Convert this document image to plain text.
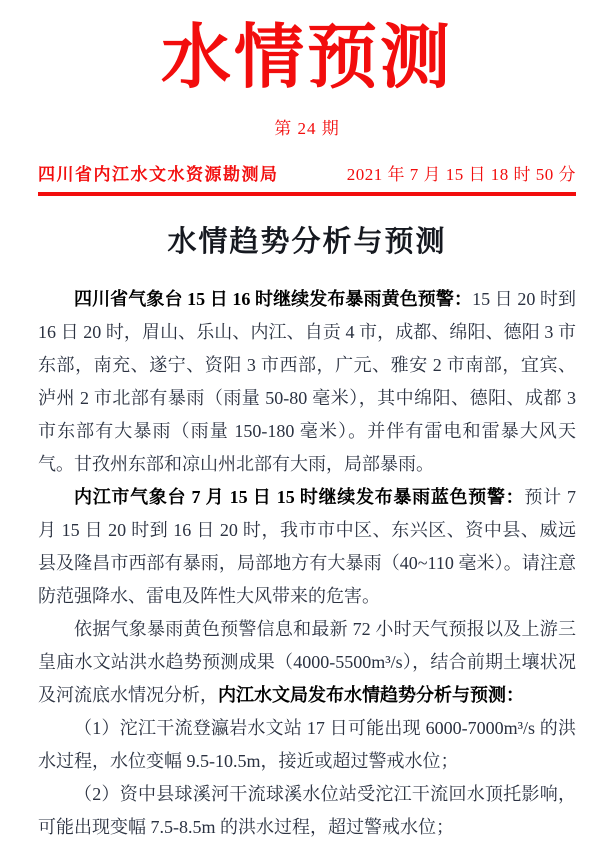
水情预测
第 24 期
四川省内江水文水资源勘测局	2021 年 7 月 15 日 18 时 50 分
水情趋势分析与预测

四川省气象台 15 日 16 时继续发布暴雨黄色预警：15 日 20 时到 16 日 20 时，眉山、乐山、内江、自贡 4 市，成都、绵阳、德阳 3 市东部，南充、遂宁、资阳 3 市西部，广元、雅安 2 市南部，宜宾、泸州 2 市北部有暴雨（雨量 50-80 毫米），其中绵阳、德阳、成都 3 市东部有大暴雨（雨量 150-180 毫米）。并伴有雷电和雷暴大风天气。甘孜州东部和凉山州北部有大雨，局部暴雨。

内江市气象台 7 月 15 日 15 时继续发布暴雨蓝色预警：预计 7 月 15 日 20 时到 16 日 20 时，我市市中区、东兴区、资中县、威远县及隆昌市西部有暴雨，局部地方有大暴雨（40~110 毫米）。请注意防范强降水、雷电及阵性大风带来的危害。

依据气象暴雨黄色预警信息和最新 72 小时天气预报以及上游三皇庙水文站洪水趋势预测成果（4000-5500m³/s），结合前期土壤状况及河流底水情况分析，内江水文局发布水情趋势分析与预测：

（1）沱江干流登瀛岩水文站 17 日可能出现 6000-7000m³/s 的洪水过程，水位变幅 9.5-10.5m，接近或超过警戒水位；

（2）资中县球溪河干流球溪水位站受沱江干流回水顶托影响，可能出现变幅 7.5-8.5m 的洪水过程，超过警戒水位；
